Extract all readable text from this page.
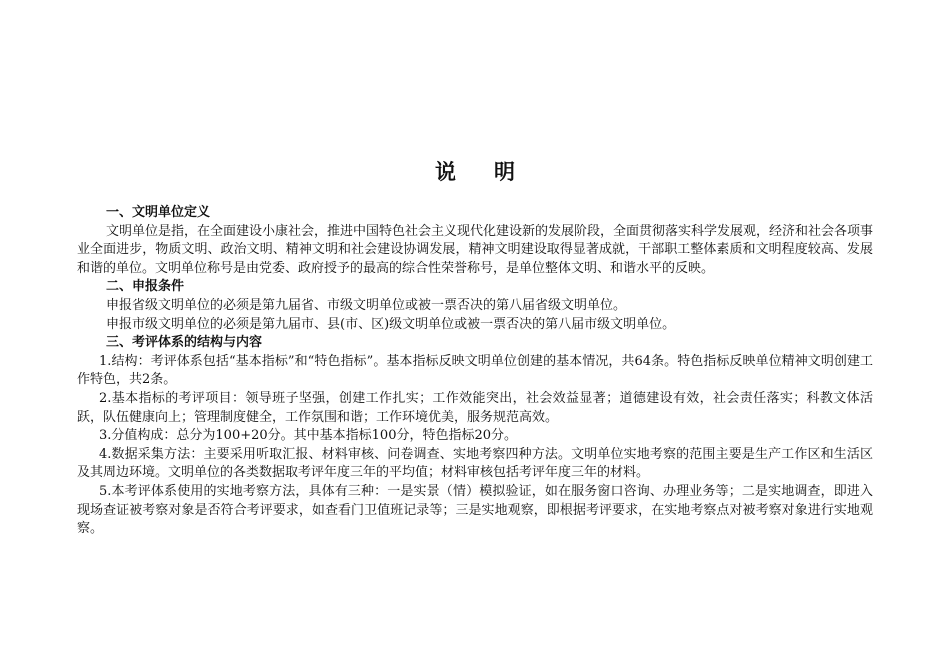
说明

一、文明单位定义

文明单位是指，在全面建设小康社会，推进中国特色社会主义现代化建设新的发展阶段，全面贯彻落实科学发展观，经济和社会各项事业全面进步，物质文明、政治文明、精神文明和社会建设协调发展，精神文明建设取得显著成就，干部职工整体素质和文明程度较高、发展和谐的单位。文明单位称号是由党委、政府授予的最高的综合性荣誉称号，是单位整体文明、和谐水平的反映。

二、申报条件

申报省级文明单位的必须是第九届省、市级文明单位或被一票否决的第八届省级文明单位。

申报市级文明单位的必须是第九届市、县(市、区)级文明单位或被一票否决的第八届市级文明单位。

三、考评体系的结构与内容

1.结构：考评体系包括“基本指标”和“特色指标”。基本指标反映文明单位创建的基本情况，共64条。特色指标反映单位精神文明创建工作特色，共2条。

2.基本指标的考评项目：领导班子坚强，创建工作扎实；工作效能突出，社会效益显著；道德建设有效，社会责任落实；科教文体活跃，队伍健康向上；管理制度健全，工作氛围和谐；工作环境优美，服务规范高效。

3.分值构成：总分为100+20分。其中基本指标100分，特色指标20分。

4.数据采集方法：主要采用听取汇报、材料审核、问卷调查、实地考察四种方法。文明单位实地考察的范围主要是生产工作区和生活区及其周边环境。文明单位的各类数据取考评年度三年的平均值；材料审核包括考评年度三年的材料。

5.本考评体系使用的实地考察方法，具体有三种：一是实景（情）模拟验证，如在服务窗口咨询、办理业务等；二是实地调查，即进入现场查证被考察对象是否符合考评要求，如查看门卫值班记录等；三是实地观察，即根据考评要求，在实地考察点对被考察对象进行实地观察。
